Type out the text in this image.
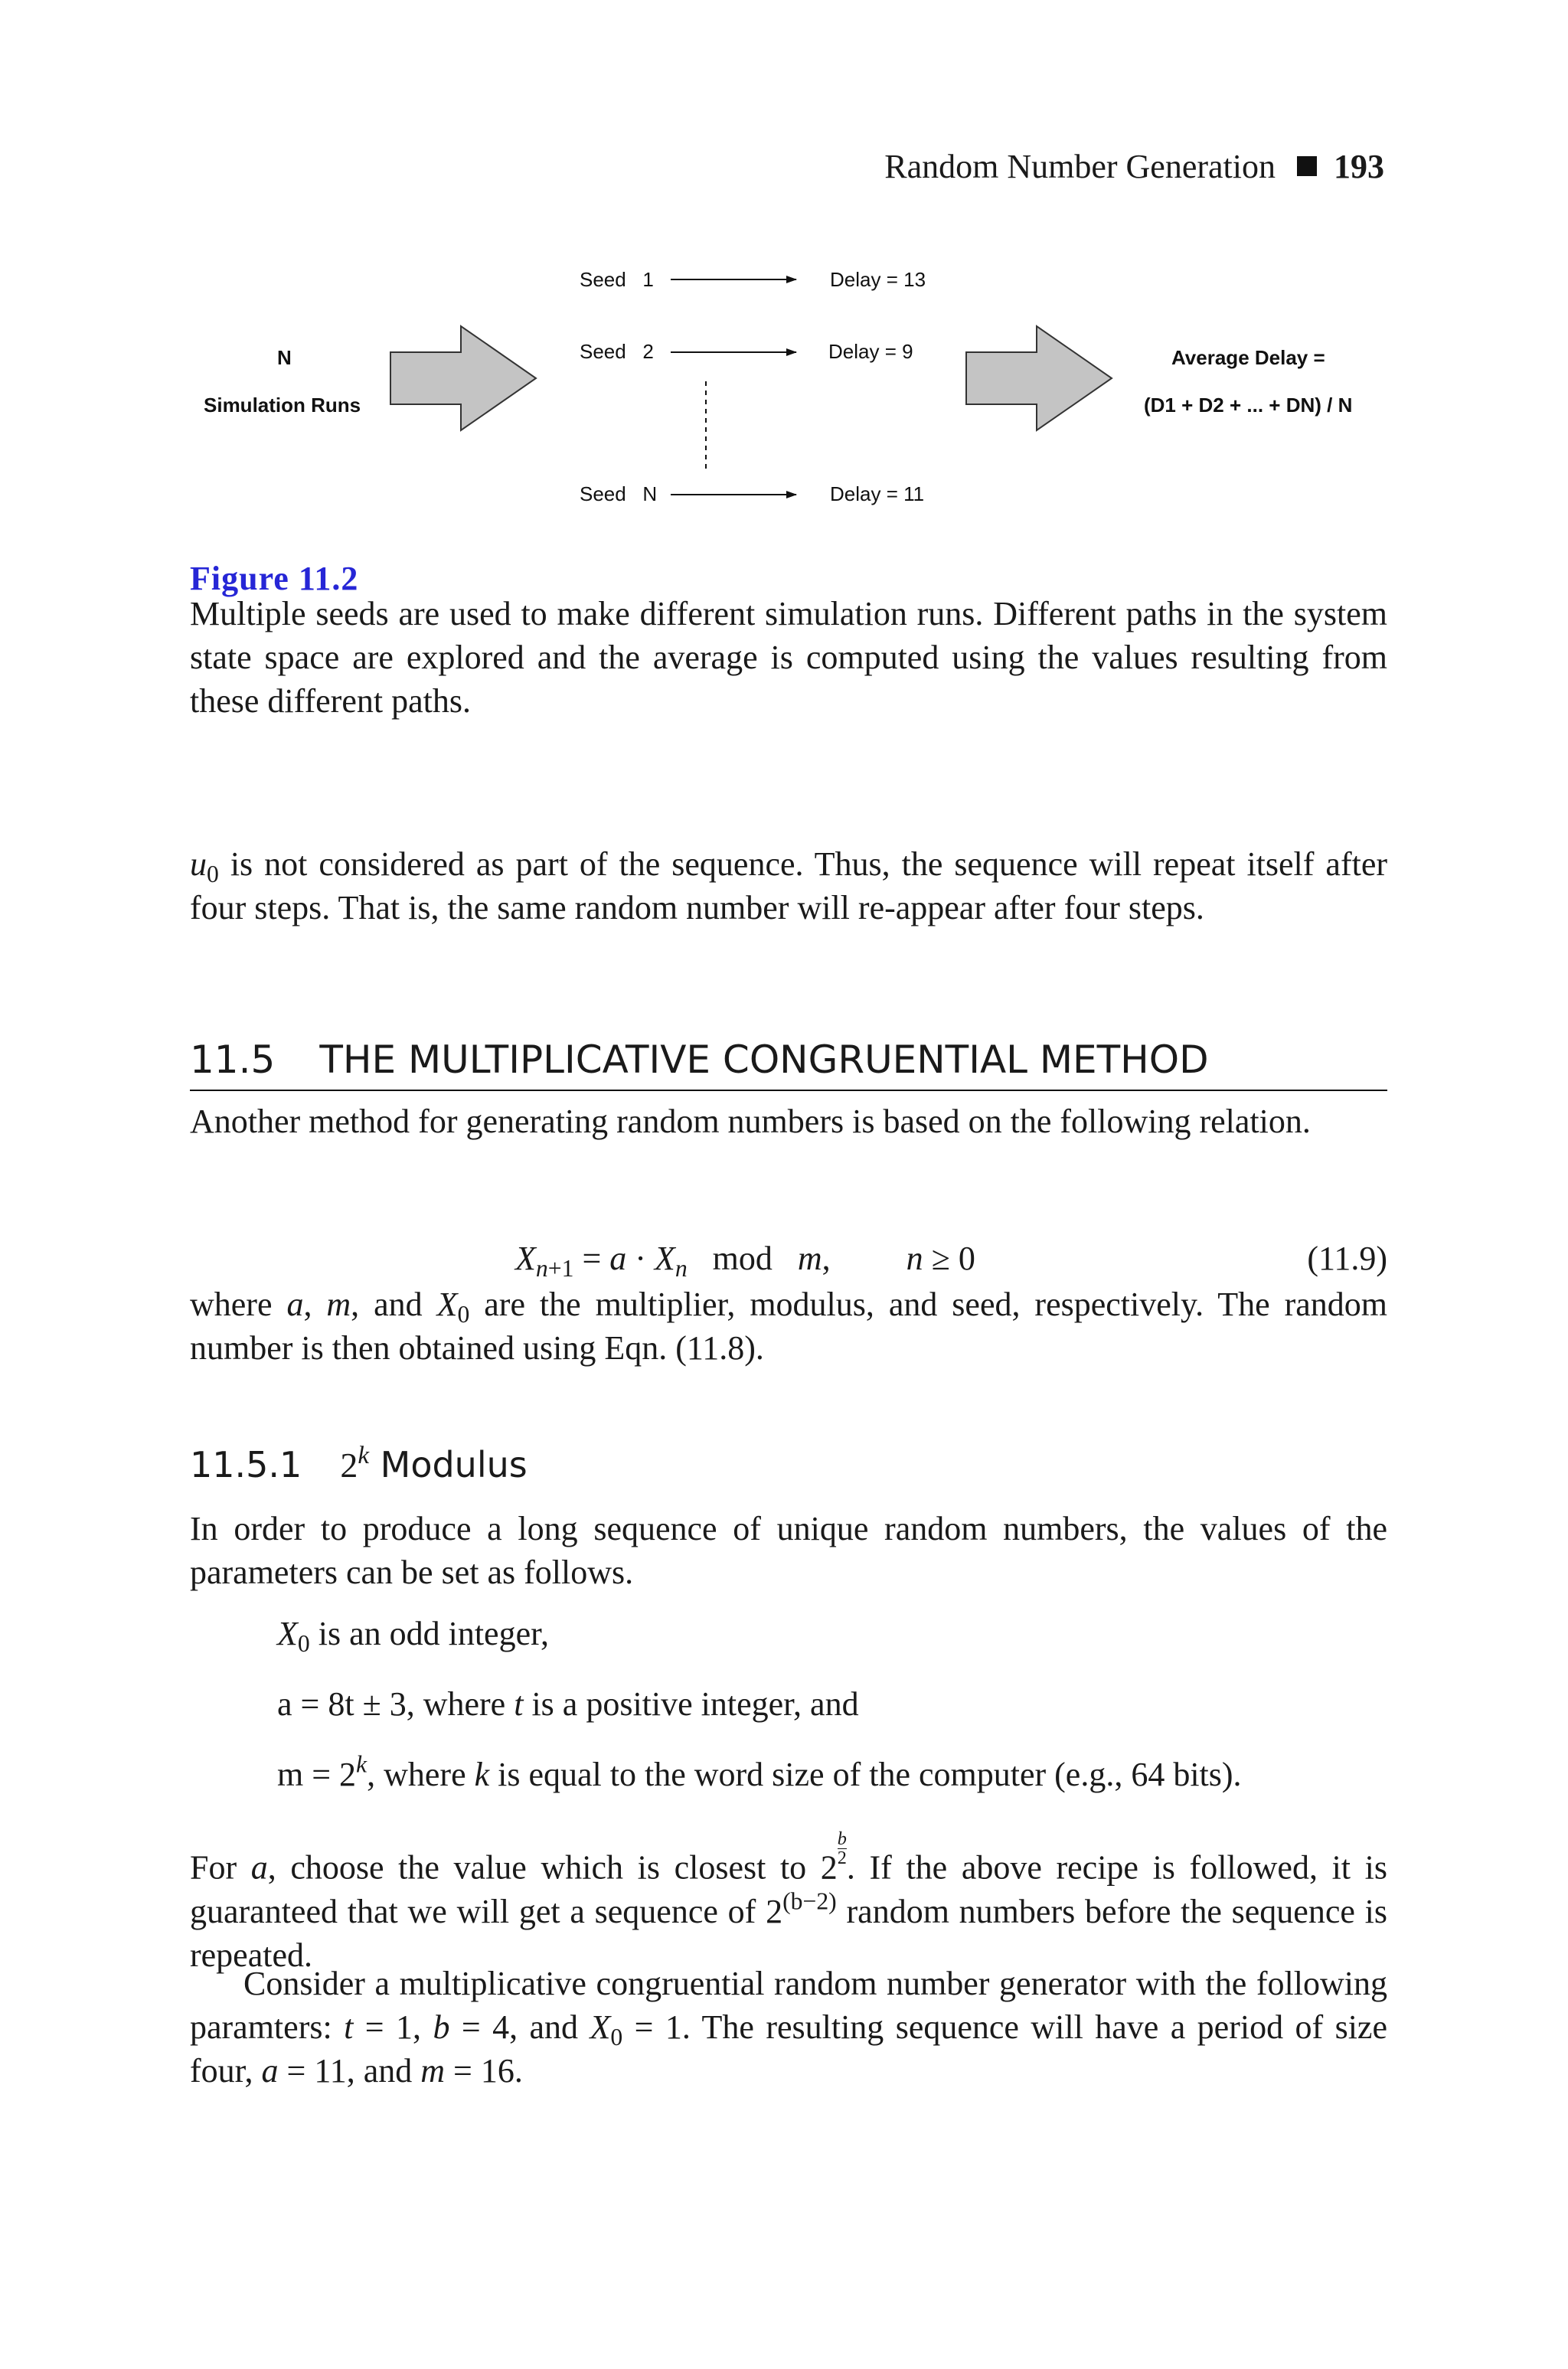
Random Number Generation 193
N
Simulation Runs
Seed   1	Delay = 13
Seed   2	Delay = 9
Seed   N	Delay = 11
Average Delay =
(D1 + D2 + ... + DN) / N
Figure 11.2
Multiple seeds are used to make different simulation runs. Different paths in the system state space are explored and the average is computed using the values resulting from these different paths.
$u_0$ is not considered as part of the sequence. Thus, the sequence will repeat itself after four steps. That is, the same random number will re-appear after four steps.
11.5 THE MULTIPLICATIVE CONGRUENTIAL METHOD
Another method for generating random numbers is based on the following relation.
$X_{n+1} = a \cdot X_n$   mod   m,         n ≥ 0	(11.9)
where a, m, and $X_0$ are the multiplier, modulus, and seed, respectively. The random number is then obtained using Eqn. (11.8).
11.5.1 2$^k$ Modulus
In order to produce a long sequence of unique random numbers, the values of the parameters can be set as follows.
$X_0$ is an odd integer,
a = 8t ± 3, where t is a positive integer, and
$m = 2^k$, where k is equal to the word size of the computer (e.g., 64 bits).
For a, choose the value which is closest to $2 \frac{b}{2}$ . If the above recipe is followed, it is guaranteed that we will get a sequence of $2^{(b-2)}$ random numbers before the sequence is repeated.
Consider a multiplicative congruential random number generator with the following paramters: t = 1, b = 4, and $X_0 = 1$. The resulting sequence will have a period of size four, a = 11, and m = 16.
